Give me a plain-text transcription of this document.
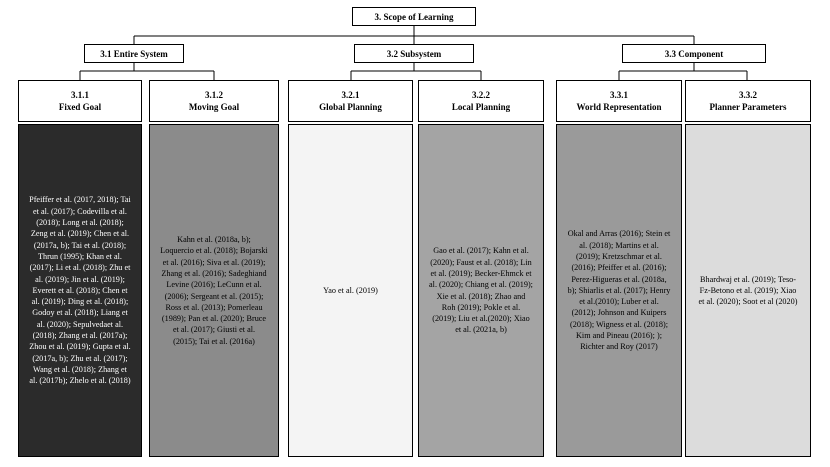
3. Scope of Learning
3.1 Entire System	3.2 Subsystem	3.3 Component
3.1.1
Fixed Goal
3.1.2
Moving Goal
3.2.1
Global Planning
3.2.2
Local Planning
3.3.1
World Representation
3.3.2
Planner Parameters
Pfeiffer et al. (2017, 2018); Tai et al. (2017); Codevilla et al. (2018); Long et al. (2018); Zeng et al. (2019); Chen et al. (2017a, b); Tai et al. (2018); Thrun (1995); Khan et al. (2017); Li et al. (2018); Zhu et al. (2019); Jin et al. (2019); Everett et al. (2018); Chen et al. (2019); Ding et al. (2018); Godoy et al. (2018); Liang et al. (2020); Sepulvedaet al. (2018); Zhang et al. (2017a); Zhou et al. (2019); Gupta et al. (2017a, b); Zhu et al. (2017); Wang et al. (2018); Zhang et al. (2017b); Zhelo et al. (2018)
Kahn et al. (2018a, b); Loquercio et al. (2018); Bojarski et al. (2016); Siva et al. (2019); Zhang et al. (2016); Sadeghiand Levine (2016); LeCunn et al. (2006); Sergeant et al. (2015); Ross et al. (2013); Pomerleau (1989); Pan et al. (2020); Bruce et al. (2017); Giusti et al. (2015); Tai et al. (2016a)
Yao et al. (2019)
Gao et al. (2017); Kahn et al. (2020); Faust et al. (2018); Lin et al. (2019); Becker-Ehmck et al. (2020); Chiang et al. (2019); Xie et al. (2018); Zhao and Roh (2019); Pokle et al. (2019); Liu et al.(2020); Xiao et al. (2021a, b)
Okal and Arras (2016); Stein et al. (2018); Martins et al. (2019); Kretzschmar et al. (2016); Pfeiffer et al. (2016); Perez-Higueras et al. (2018a, b); Shiarlis et al. (2017); Henry et al.(2010); Luber et al. (2012); Johnson and Kuipers (2018); Wigness et al. (2018); Kim and Pineau (2016); ); Richter and Roy (2017)
Bhardwaj et al. (2019); Teso-Fz-Betono et al. (2019); Xiao et al. (2020); Soot et al (2020)
